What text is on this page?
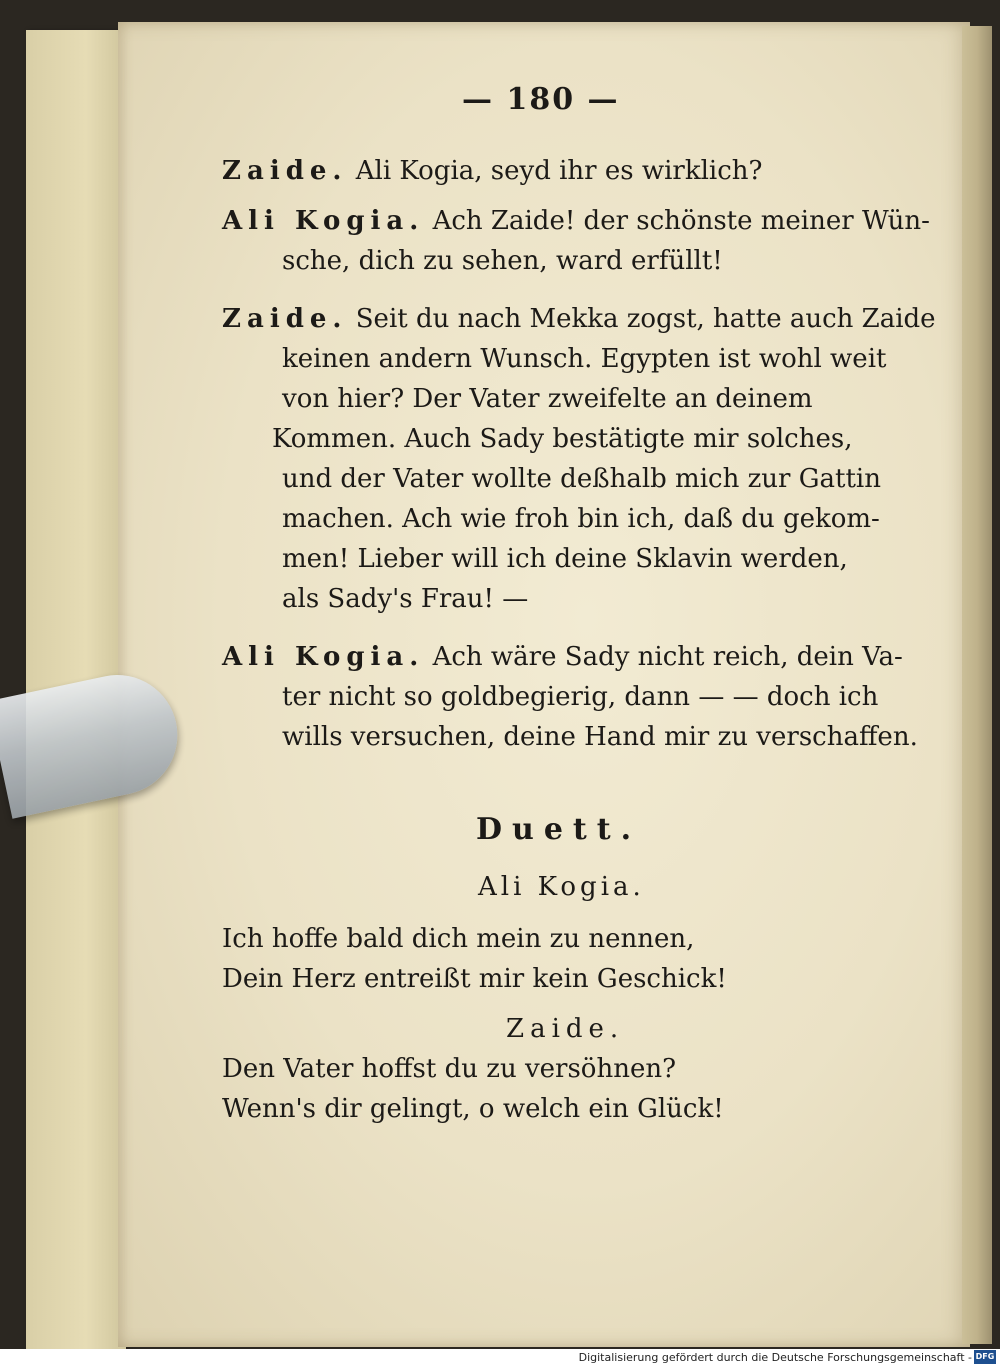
— 180 —
Zaide. Ali Kogia, seyd ihr es wirklich?
Ali Kogia. Ach Zaide! der schönste meiner Wün-
sche, dich zu sehen, ward erfüllt!
Zaide. Seit du nach Mekka zogst, hatte auch Zaide
keinen andern Wunsch. Egypten ist wohl weit
von hier? Der Vater zweifelte an deinem
Kommen. Auch Sady bestätigte mir solches,
und der Vater wollte deßhalb mich zur Gattin
machen. Ach wie froh bin ich, daß du gekom-
men! Lieber will ich deine Sklavin werden,
als Sady's Frau! —
Ali Kogia. Ach wäre Sady nicht reich, dein Va-
ter nicht so goldbegierig, dann — — doch ich
wills versuchen, deine Hand mir zu verschaffen.
Duett.
Ali Kogia.
Ich hoffe bald dich mein zu nennen,
Dein Herz entreißt mir kein Geschick!
Zaide.
Den Vater hoffst du zu versöhnen?
Wenn's dir gelingt, o welch ein Glück!
Digitalisierung gefördert durch die Deutsche Forschungsgemeinschaft - DFG
